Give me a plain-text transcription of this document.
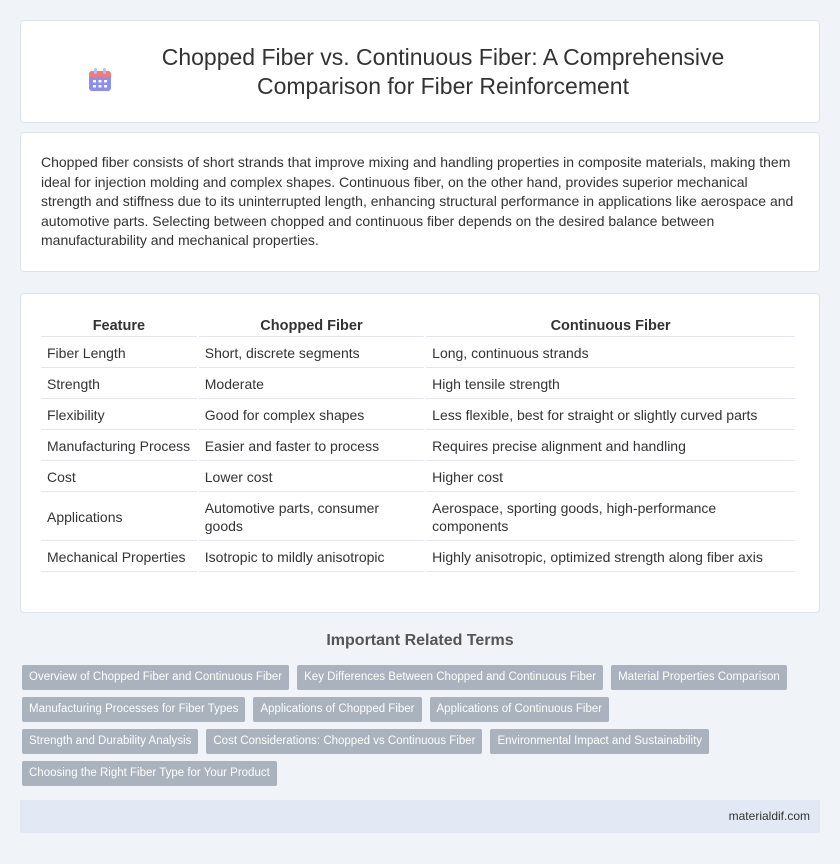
Chopped Fiber vs. Continuous Fiber: A Comprehensive Comparison for Fiber Reinforcement

Chopped fiber consists of short strands that improve mixing and handling properties in composite materials, making them ideal for injection molding and complex shapes. Continuous fiber, on the other hand, provides superior mechanical strength and stiffness due to its uninterrupted length, enhancing structural performance in applications like aerospace and automotive parts. Selecting between chopped and continuous fiber depends on the desired balance between manufacturability and mechanical properties.

Feature	Chopped Fiber	Continuous Fiber
Fiber Length	Short, discrete segments	Long, continuous strands
Strength	Moderate	High tensile strength
Flexibility	Good for complex shapes	Less flexible, best for straight or slightly curved parts
Manufacturing Process	Easier and faster to process	Requires precise alignment and handling
Cost	Lower cost	Higher cost
Applications	Automotive parts, consumer goods	Aerospace, sporting goods, high-performance components
Mechanical Properties	Isotropic to mildly anisotropic	Highly anisotropic, optimized strength along fiber axis
Important Related Terms
Overview of Chopped Fiber and Continuous Fiber	Key Differences Between Chopped and Continuous Fiber	Material Properties Comparison
Manufacturing Processes for Fiber Types	Applications of Chopped Fiber	Applications of Continuous Fiber
Strength and Durability Analysis	Cost Considerations: Chopped vs Continuous Fiber	Environmental Impact and Sustainability
Choosing the Right Fiber Type for Your Product
materialdif.com
